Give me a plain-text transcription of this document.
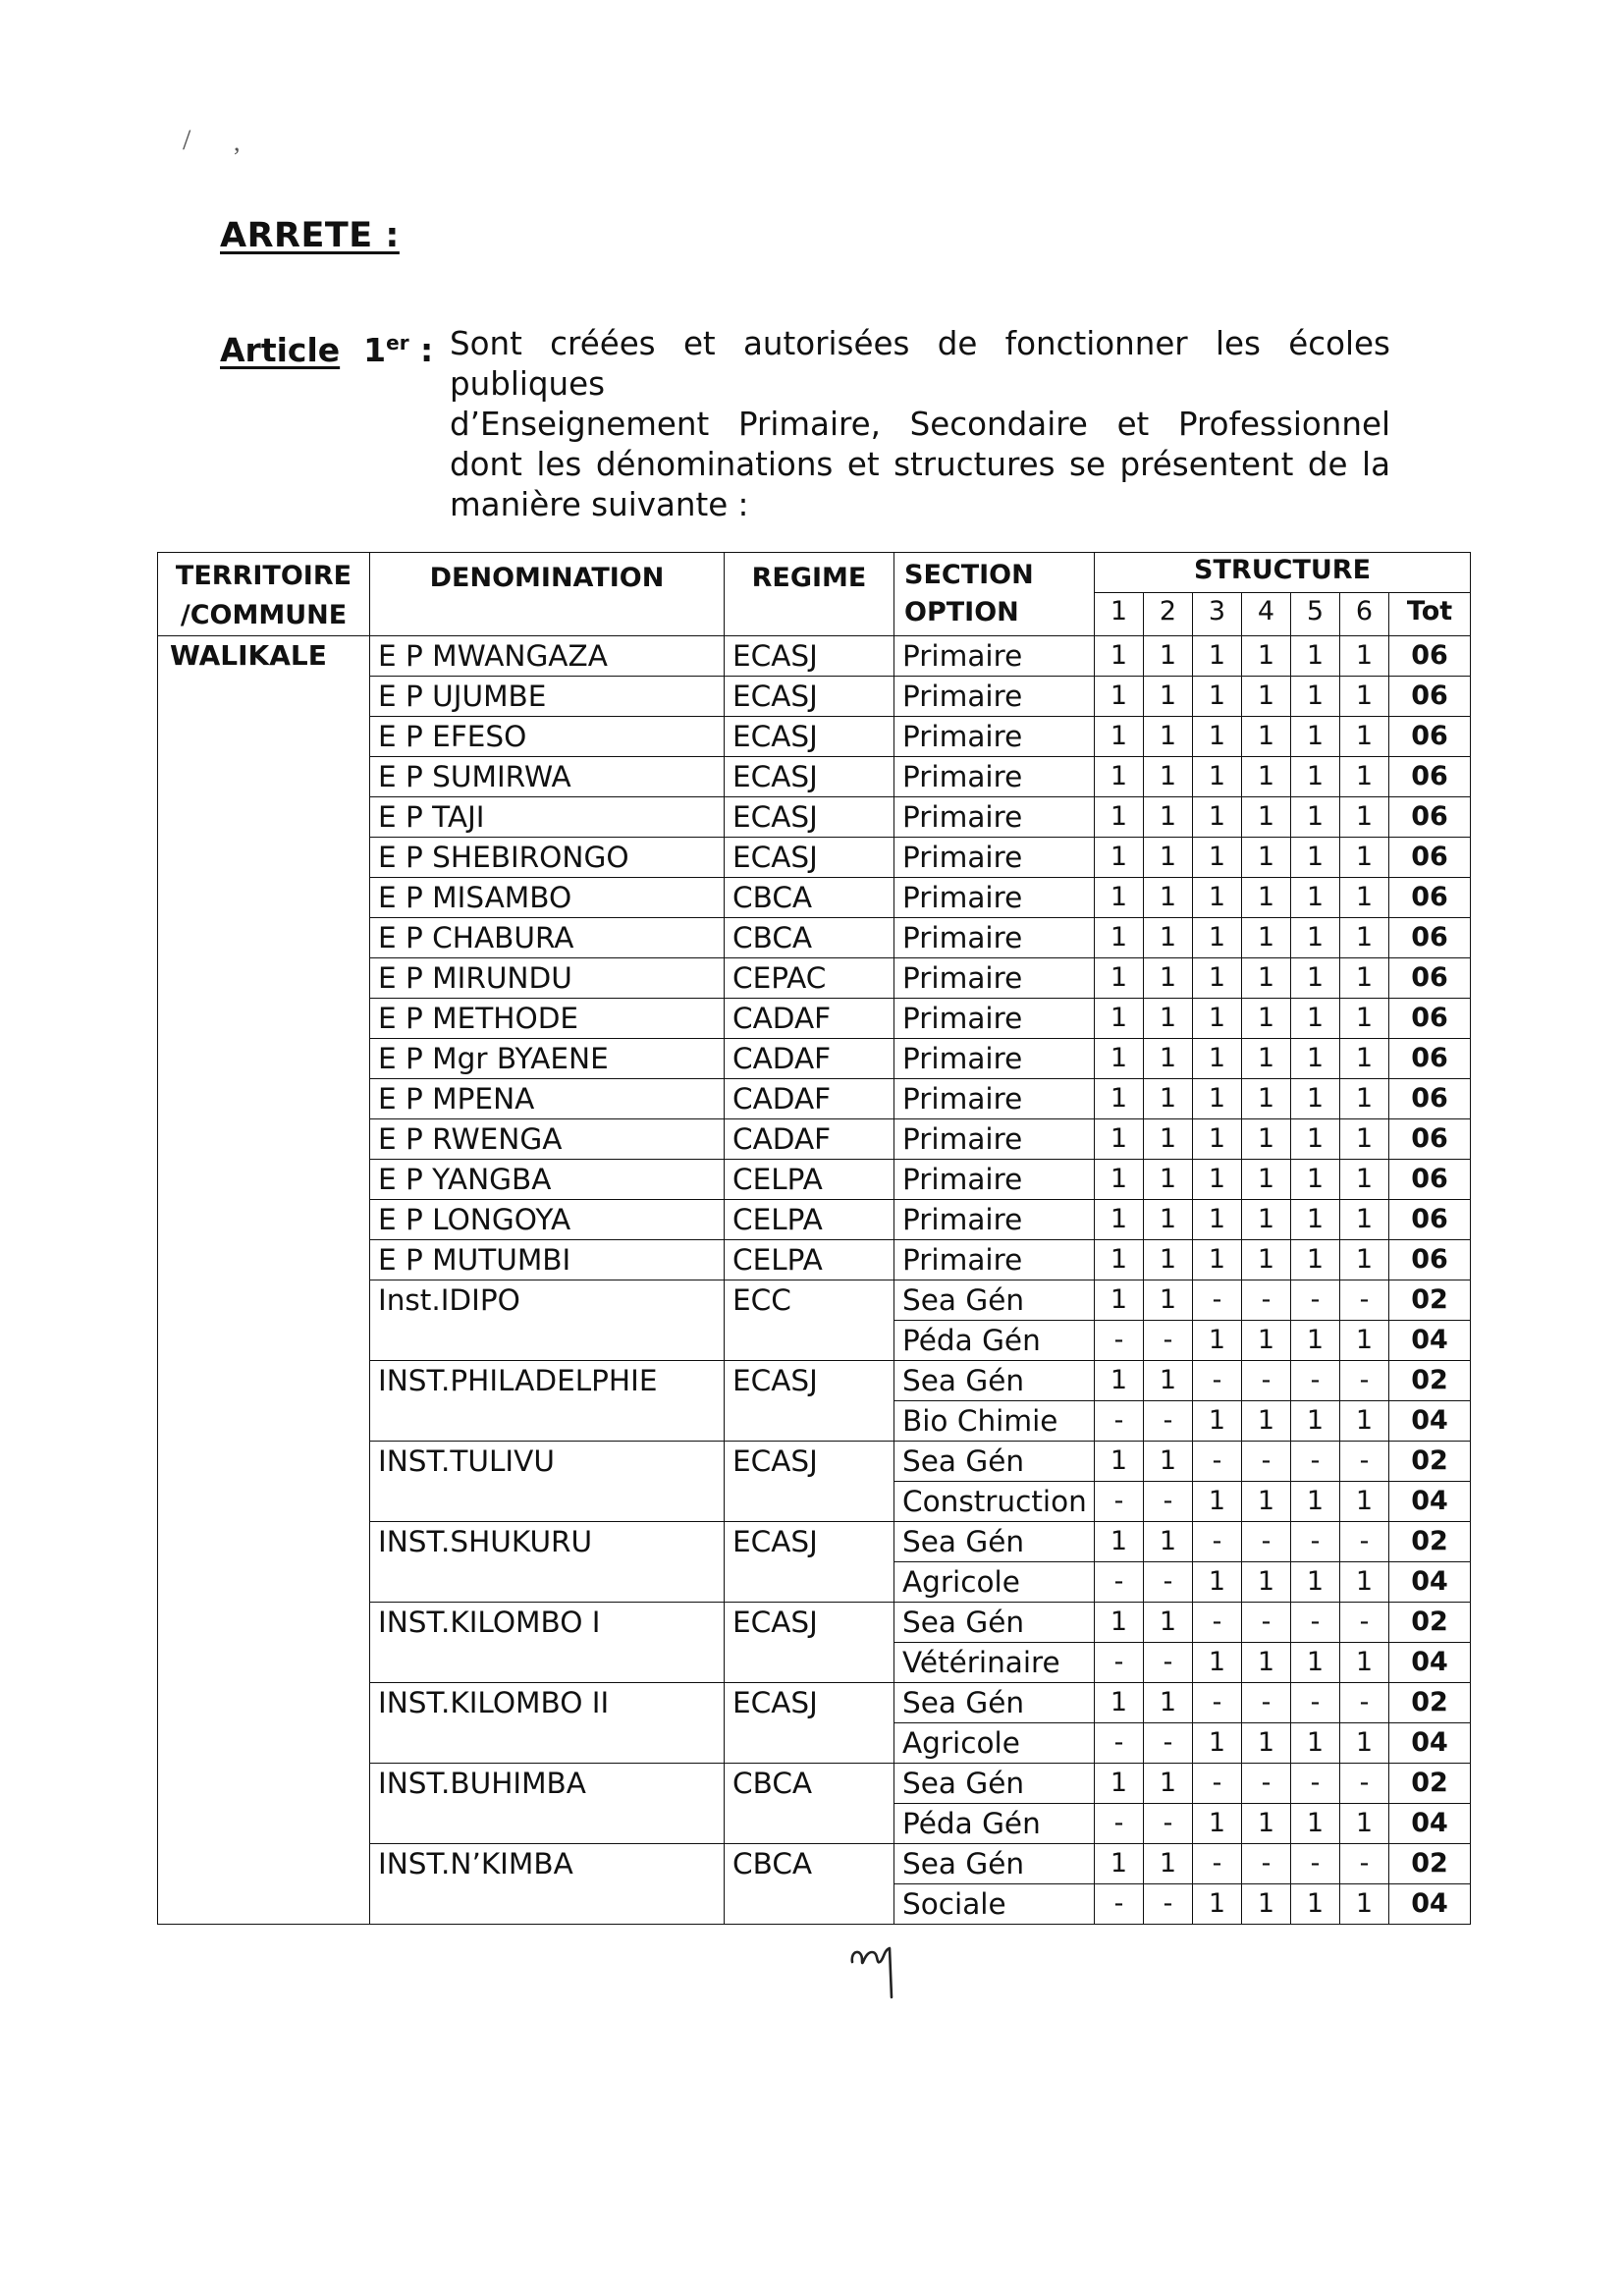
/ ,
ARRETE :
Article 1er : Sont créées et autorisées de fonctionner les écoles publiques
d’Enseignement Primaire, Secondaire et Professionnel dont les dénominations et structures se présentent de la manière suivante :
TERRITOIRE
/COMMUNE	DENOMINATION	REGIME	SECTION
OPTION	STRUCTURE						
				1	2	3	4	5	6	Tot
WALIKALE	E P MWANGAZA	ECASJ	Primaire	1	1	1	1	1	1	06
	E P UJUMBE	ECASJ	Primaire	1	1	1	1	1	1	06
	E P EFESO	ECASJ	Primaire	1	1	1	1	1	1	06
	E P SUMIRWA	ECASJ	Primaire	1	1	1	1	1	1	06
	E P TAJI	ECASJ	Primaire	1	1	1	1	1	1	06
	E P SHEBIRONGO	ECASJ	Primaire	1	1	1	1	1	1	06
	E P MISAMBO	CBCA	Primaire	1	1	1	1	1	1	06
	E P CHABURA	CBCA	Primaire	1	1	1	1	1	1	06
	E P MIRUNDU	CEPAC	Primaire	1	1	1	1	1	1	06
	E P METHODE	CADAF	Primaire	1	1	1	1	1	1	06
	E P Mgr BYAENE	CADAF	Primaire	1	1	1	1	1	1	06
	E P MPENA	CADAF	Primaire	1	1	1	1	1	1	06
	E P RWENGA	CADAF	Primaire	1	1	1	1	1	1	06
	E P YANGBA	CELPA	Primaire	1	1	1	1	1	1	06
	E P LONGOYA	CELPA	Primaire	1	1	1	1	1	1	06
	E P MUTUMBI	CELPA	Primaire	1	1	1	1	1	1	06
	Inst.IDIPO	ECC	Sea Gén	1	1	-	-	-	-	02
			Péda Gén	-	-	1	1	1	1	04
	INST.PHILADELPHIE	ECASJ	Sea Gén	1	1	-	-	-	-	02
			Bio Chimie	-	-	1	1	1	1	04
	INST.TULIVU	ECASJ	Sea Gén	1	1	-	-	-	-	02
			Construction	-	-	1	1	1	1	04
	INST.SHUKURU	ECASJ	Sea Gén	1	1	-	-	-	-	02
			Agricole	-	-	1	1	1	1	04
	INST.KILOMBO I	ECASJ	Sea Gén	1	1	-	-	-	-	02
			Vétérinaire	-	-	1	1	1	1	04
	INST.KILOMBO II	ECASJ	Sea Gén	1	1	-	-	-	-	02
			Agricole	-	-	1	1	1	1	04
	INST.BUHIMBA	CBCA	Sea Gén	1	1	-	-	-	-	02
			Péda Gén	-	-	1	1	1	1	04
	INST.N’KIMBA	CBCA	Sea Gén	1	1	-	-	-	-	02
			Sociale	-	-	1	1	1	1	04
